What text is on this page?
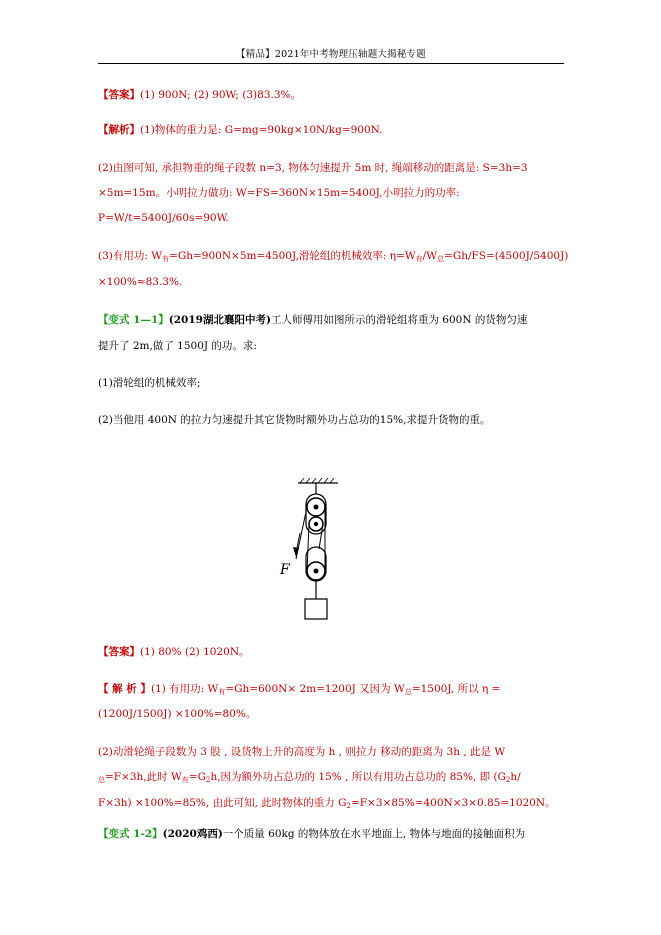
【精品】2021年中考物理压轴题大揭秘专题
【答案】(1) 900N; (2) 90W; (3)83.3%。
【解析】(1)物体的重力是: G=mg=90kg×10N/kg=900N.
(2)由图可知, 承担物重的绳子段数 n=3, 物体匀速提升 5m 时, 绳端移动的距离是: S=3h=3
×5m=15m。小明拉力做功: W=FS=360N×15m=5400J,小明拉力的功率:
P=W/t=5400J/60s=90W.
(3)有用功: $W_有=Gh=900N\times 5m=4500J$,滑轮组的机械效率: $\eta=W_有/W_总=Gh/FS=(4500J/5400J)$
×100%≈83.3%.
【变式 1—1】(2019湖北襄阳中考)工人师傅用如图所示的滑轮组将重为 600N 的货物匀速
提升了 2m,做了 1500J 的功。求:
(1)滑轮组的机械效率;
(2)当他用 400N 的拉力匀速提升其它货物时额外功占总功的15%,求提升货物的重。
F
【答案】(1) 80% (2) 1020N。
【 解 析 】(1) 有用功: $W_有=Gh=600N\times 2m=1200J$ 又因为 $W_总=1500J$, 所以 η =
(1200J/1500J) ×100%=80%。
(2)动滑轮绳子段数为 3 股 , 设货物上升的高度为 h , 则拉力 移动的距离为 3h , 此是 W
$_总$=F×3h,此时 $W_有=G_2h$,因为额外功占总功的 15% , 所以有用功占总功的 85%, 即 ($G_2h/$
F×3h) ×100%=85%, 由此可知, 此时物体的重力 $G_2=F\times 3\times 85\%=400N\times 3\times 0.85=1020N$。
【变式 1-2】(2020鸡西)一个质量 60kg 的物体放在水平地面上, 物体与地面的接触面积为
